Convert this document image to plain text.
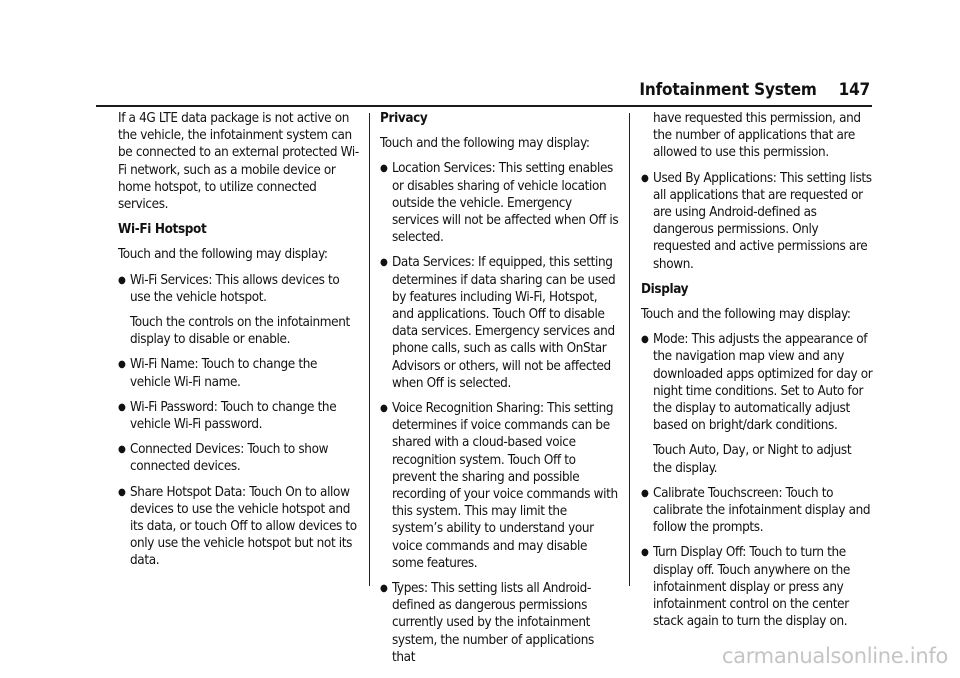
Infotainment System 147

If a 4G LTE data package is not active on the vehicle, the infotainment system can be connected to an external protected Wi-Fi network, such as a mobile device or home hotspot, to utilize connected services.

Wi-Fi Hotspot

Touch and the following may display:

● Wi-Fi Services: This allows devices to use the vehicle hotspot.

Touch the controls on the infotainment display to disable or enable.

● Wi-Fi Name: Touch to change the vehicle Wi-Fi name.
● Wi-Fi Password: Touch to change the vehicle Wi-Fi password.
● Connected Devices: Touch to show connected devices.
● Share Hotspot Data: Touch On to allow devices to use the vehicle hotspot and its data, or touch Off to allow devices to only use the vehicle hotspot but not its data.
Privacy

Touch and the following may display:

● Location Services: This setting enables or disables sharing of vehicle location outside the vehicle. Emergency services will not be affected when Off is selected.
● Data Services: If equipped, this setting determines if data sharing can be used by features including Wi-Fi, Hotspot, and applications. Touch Off to disable data services. Emergency services and phone calls, such as calls with OnStar Advisors or others, will not be affected when Off is selected.
● Voice Recognition Sharing: This setting determines if voice commands can be shared with a cloud-based voice recognition system. Touch Off to prevent the sharing and possible recording of your voice commands with this system. This may limit the system’s ability to understand your voice commands and may disable some features.
● Types: This setting lists all Android-defined as dangerous permissions currently used by the infotainment system, the number of applications that

have requested this permission, and the number of applications that are allowed to use this permission.

● Used By Applications: This setting lists all applications that are requested or are using Android-defined as dangerous permissions. Only requested and active permissions are shown.
Display

Touch and the following may display:

● Mode: This adjusts the appearance of the navigation map view and any downloaded apps optimized for day or night time conditions. Set to Auto for the display to automatically adjust based on bright/dark conditions.

Touch Auto, Day, or Night to adjust the display.

● Calibrate Touchscreen: Touch to calibrate the infotainment display and follow the prompts.
● Turn Display Off: Touch to turn the display off. Touch anywhere on the infotainment display or press any infotainment control on the center stack again to turn the display on.
carmanualsonline.info
